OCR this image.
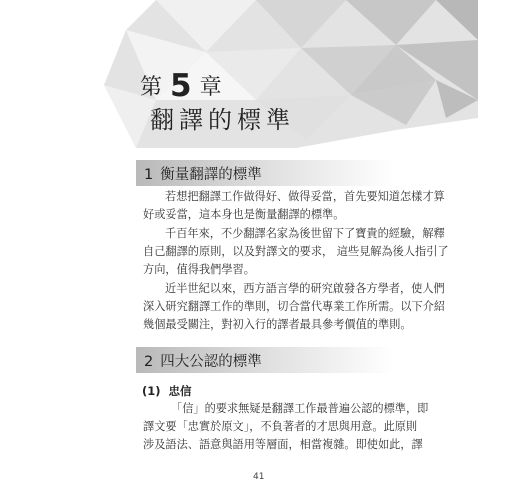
第 5 章
翻譯的標準
1 衡量翻譯的標準
若想把翻譯工作做得好、做得妥當，首先要知道怎樣才算
好或妥當，這本身也是衡量翻譯的標準。
千百年來，不少翻譯名家為後世留下了寶貴的經驗，解釋
自己翻譯的原則，以及對譯文的要求， 這些見解為後人指引了
方向，值得我們學習。
近半世紀以來，西方語言學的研究啟發各方學者，使人們
深入研究翻譯工作的準則，切合當代專業工作所需。以下介紹
幾個最受關注，對初入行的譯者最具參考價值的準則。
2 四大公認的標準
(1) 忠信
「信」的要求無疑是翻譯工作最普遍公認的標準，即
譯文要「忠實於原文」，不負著者的才思與用意。此原則
涉及語法、語意與語用等層面，相當複雜。即使如此，譯
41
